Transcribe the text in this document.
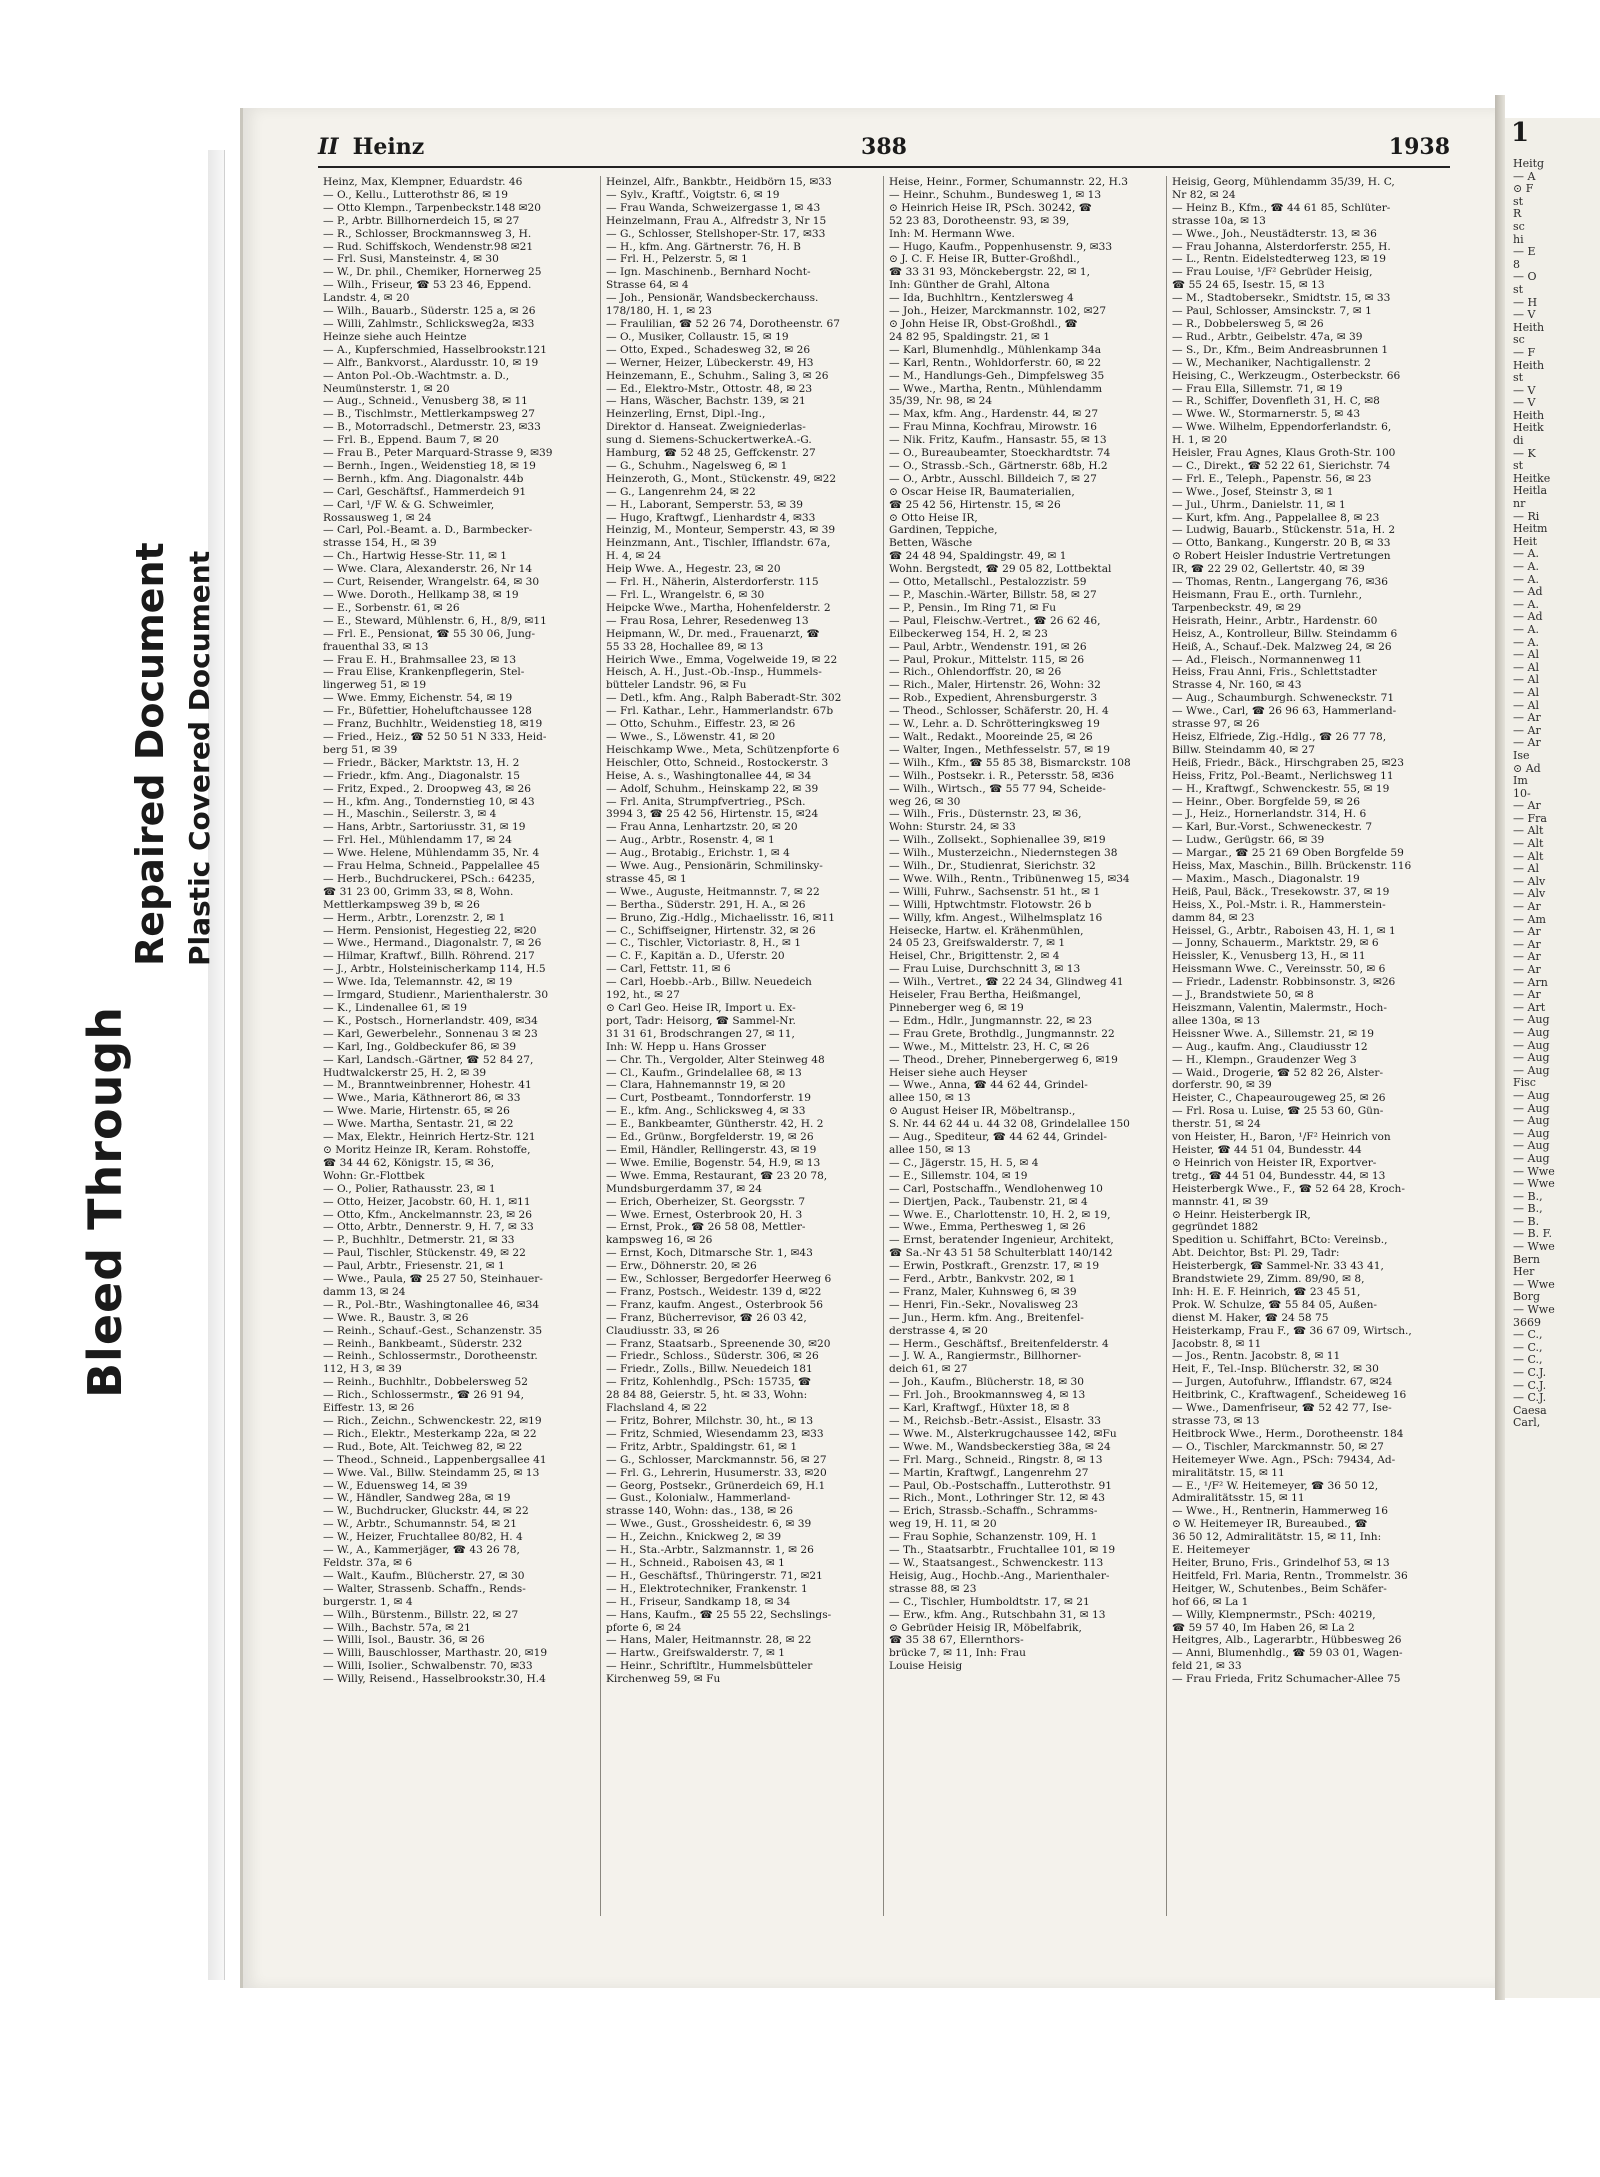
Bleed Through
Repaired Document Plastic Covered Document
1
Heitg
— A
⊙ F
st
R
sc
hi
— E
8
— O
st
— H
— V
Heith
sc
— F
Heith
st
— V
— V
Heith
Heitk
di
— K
st
Heitke
Heitla
nr
— Ri
Heitm
Heit
— A.
— A.
— A.
— Ad
— A.
— Ad
— A.
— A.
— Al
— Al
— Al
— Al
— Al
— Ar
— Ar
— Ar
Ise
⊙ Ad
Im
10-
— Ar
— Fra
— Alt
— Alt
— Alt
— Al
— Alv
— Alv
— Ar
— Am
— Ar
— Ar
— Ar
— Ar
— Arn
— Ar
— Art
— Aug
— Aug
— Aug
— Aug
— Aug
Fisc
— Aug
— Aug
— Aug
— Aug
— Aug
— Aug
— Wwe
— Wwe
— B.,
— B.,
— B.
— B. F.
— Wwe
Bern
Her
— Wwe
Borg
— Wwe
3669
— C.,
— C.,
— C.,
— C.J.
— C.J.
— C.J.
Caesa
Carl,
II Heinz	388	1938
Heinz, Max, Klempner, Eduardstr. 46
— O., Kellu., Lutterothstr 86, ✉ 19
— Otto Klempn., Tarpenbeckstr.148 ✉20
— P., Arbtr. Billhornerdeich 15, ✉ 27
— R., Schlosser, Brockmannsweg 3, H.
— Rud. Schiffskoch, Wendenstr.98 ✉21
— Frl. Susi, Mansteinstr. 4, ✉ 30
— W., Dr. phil., Chemiker, Hornerweg 25
— Wilh., Friseur, ☎ 53 23 46, Eppend.
Landstr. 4, ✉ 20
— Wilh., Bauarb., Süderstr. 125 a, ✉ 26
— Willi, Zahlmstr., Schlicksweg2a, ✉33
Heinze siehe auch Heintze
— A., Kupferschmied, Hasselbrookstr.121
— Alfr., Bankvorst., Alardusstr. 10, ✉ 19
— Anton Pol.-Ob.-Wachtmstr. a. D.,
Neumünsterstr. 1, ✉ 20
— Aug., Schneid., Venusberg 38, ✉ 11
— B., Tischlmstr., Mettlerkampsweg 27
— B., Motorradschl., Detmerstr. 23, ✉33
— Frl. B., Eppend. Baum 7, ✉ 20
— Frau B., Peter Marquard-Strasse 9, ✉39
— Bernh., Ingen., Weidenstieg 18, ✉ 19
— Bernh., kfm. Ang. Diagonalstr. 44b
— Carl, Geschäftsf., Hammerdeich 91
— Carl, ¹/F W. & G. Schweimler,
Rossausweg 1, ✉ 24
— Carl, Pol.-Beamt. a. D., Barmbecker-
strasse 154, H., ✉ 39
— Ch., Hartwig Hesse-Str. 11, ✉ 1
— Wwe. Clara, Alexanderstr. 26, Nr 14
— Curt, Reisender, Wrangelstr. 64, ✉ 30
— Wwe. Doroth., Hellkamp 38, ✉ 19
— E., Sorbenstr. 61, ✉ 26
— E., Steward, Mühlenstr. 6, H., 8/9, ✉11
— Frl. E., Pensionat, ☎ 55 30 06, Jung-
frauenthal 33, ✉ 13
— Frau E. H., Brahmsallee 23, ✉ 13
— Frau Elise, Krankenpflegerin, Stel-
lingerweg 51, ✉ 19
— Wwe. Emmy, Eichenstr. 54, ✉ 19
— Fr., Büfettier, Hoheluftchaussee 128
— Franz, Buchhltr., Weidenstieg 18, ✉19
— Fried., Heiz., ☎ 52 50 51 N 333, Heid-
berg 51, ✉ 39
— Friedr., Bäcker, Marktstr. 13, H. 2
— Friedr., kfm. Ang., Diagonalstr. 15
— Fritz, Exped., 2. Droopweg 43, ✉ 26
— H., kfm. Ang., Tondernstieg 10, ✉ 43
— H., Maschin., Seilerstr. 3, ✉ 4
— Hans, Arbtr., Sartoriusstr. 31, ✉ 19
— Frl. Hel., Mühlendamm 17, ✉ 24
— Wwe. Helene, Mühlendamm 35, Nr. 4
— Frau Helma, Schneid., Pappelallee 45
— Herb., Buchdruckerei, PSch.: 64235,
☎ 31 23 00, Grimm 33, ✉ 8, Wohn.
Mettlerkampsweg 39 b, ✉ 26
— Herm., Arbtr., Lorenzstr. 2, ✉ 1
— Herm. Pensionist, Hegestieg 22, ✉20
— Wwe., Hermand., Diagonalstr. 7, ✉ 26
— Hilmar, Kraftwf., Billh. Röhrend. 217
— J., Arbtr., Holsteinischerkamp 114, H.5
— Wwe. Ida, Telemannstr. 42, ✉ 19
— Irmgard, Studienr., Marienthalerstr. 30
— K., Lindenallee 61, ✉ 19
— K., Postsch., Hornerlandstr. 409, ✉34
— Karl, Gewerbelehr., Sonnenau 3 ✉ 23
— Karl, Ing., Goldbeckufer 86, ✉ 39
— Karl, Landsch.-Gärtner, ☎ 52 84 27,
Hudtwalckerstr 25, H. 2, ✉ 39
— M., Branntweinbrenner, Hohestr. 41
— Wwe., Maria, Käthnerort 86, ✉ 33
— Wwe. Marie, Hirtenstr. 65, ✉ 26
— Wwe. Martha, Sentastr. 21, ✉ 22
— Max, Elektr., Heinrich Hertz-Str. 121
⊙ Moritz Heinze IR, Keram. Rohstoffe,
☎ 34 44 62, Königstr. 15, ✉ 36,
Wohn: Gr.-Flottbek
— O., Polier, Rathausstr. 23, ✉ 1
— Otto, Heizer, Jacobstr. 60, H. 1, ✉11
— Otto, Kfm., Anckelmannstr. 23, ✉ 26
— Otto, Arbtr., Dennerstr. 9, H. 7, ✉ 33
— P., Buchhltr., Detmerstr. 21, ✉ 33
— Paul, Tischler, Stückenstr. 49, ✉ 22
— Paul, Arbtr., Friesenstr. 21, ✉ 1
— Wwe., Paula, ☎ 25 27 50, Steinhauer-
damm 13, ✉ 24
— R., Pol.-Btr., Washingtonallee 46, ✉34
— Wwe. R., Baustr. 3, ✉ 26
— Reinh., Schauf.-Gest., Schanzenstr. 35
— Reinh., Bankbeamt., Süderstr. 232
— Reinh., Schlossermstr., Dorotheenstr.
112, H 3, ✉ 39
— Reinh., Buchhltr., Dobbelersweg 52
— Rich., Schlossermstr., ☎ 26 91 94,
Eiffestr. 13, ✉ 26
— Rich., Zeichn., Schwenckestr. 22, ✉19
— Rich., Elektr., Mesterkamp 22a, ✉ 22
— Rud., Bote, Alt. Teichweg 82, ✉ 22
— Theod., Schneid., Lappenbergsallee 41
— Wwe. Val., Billw. Steindamm 25, ✉ 13
— W., Eduensweg 14, ✉ 39
— W., Händler, Sandweg 28a, ✉ 19
— W., Buchdrucker, Gluckstr. 44, ✉ 22
— W., Arbtr., Schumannstr. 54, ✉ 21
— W., Heizer, Fruchtallee 80/82, H. 4
— W., A., Kammerjäger, ☎ 43 26 78,
Feldstr. 37a, ✉ 6
— Walt., Kaufm., Blücherstr. 27, ✉ 30
— Walter, Strassenb. Schaffn., Rends-
burgerstr. 1, ✉ 4
— Wilh., Bürstenm., Billstr. 22, ✉ 27
— Wilh., Bachstr. 57a, ✉ 21
— Willi, Isol., Baustr. 36, ✉ 26
— Willi, Bauschlosser, Marthastr. 20, ✉19
— Willi, Isolier., Schwalbenstr. 70, ✉33
— Willy, Reisend., Hasselbrookstr.30, H.4
Heinzel, Alfr., Bankbtr., Heidbörn 15, ✉33
— Sylv., Kraftf., Voigtstr. 6, ✉ 19
— Frau Wanda, Schweizergasse 1, ✉ 43
Heinzelmann, Frau A., Alfredstr 3, Nr 15
— G., Schlosser, Stellshoper-Str. 17, ✉33
— H., kfm. Ang. Gärtnerstr. 76, H. B
— Frl. H., Pelzerstr. 5, ✉ 1
— Ign. Maschinenb., Bernhard Nocht-
Strasse 64, ✉ 4
— Joh., Pensionär, Wandsbeckerchauss.
178/180, H. 1, ✉ 23
— Fraulilian, ☎ 52 26 74, Dorotheenstr. 67
— O., Musiker, Collaustr. 15, ✉ 19
— Otto, Exped., Schadesweg 32, ✉ 26
— Werner, Heizer, Lübeckerstr. 49, H3
Heinzemann, E., Schuhm., Saling 3, ✉ 26
— Ed., Elektro-Mstr., Ottostr. 48, ✉ 23
— Hans, Wäscher, Bachstr. 139, ✉ 21
Heinzerling, Ernst, Dipl.-Ing.,
Direktor d. Hanseat. Zweigniederlas-
sung d. Siemens-SchuckertwerkeA.-G.
Hamburg, ☎ 52 48 25, Geffckenstr. 27
— G., Schuhm., Nagelsweg 6, ✉ 1
Heinzeroth, G., Mont., Stückenstr. 49, ✉22
— G., Langenrehm 24, ✉ 22
— H., Laborant, Semperstr. 53, ✉ 39
— Hugo, Kraftwgf., Lienhardstr 4, ✉33
Heinzig, M., Monteur, Semperstr. 43, ✉ 39
Heinzmann, Ant., Tischler, Ifflandstr. 67a,
H. 4, ✉ 24
Heip Wwe. A., Hegestr. 23, ✉ 20
— Frl. H., Näherin, Alsterdorferstr. 115
— Frl. L., Wrangelstr. 6, ✉ 30
Heipcke Wwe., Martha, Hohenfelderstr. 2
— Frau Rosa, Lehrer, Resedenweg 13
Heipmann, W., Dr. med., Frauenarzt, ☎
55 33 28, Hochallee 89, ✉ 13
Heirich Wwe., Emma, Vogelweide 19, ✉ 22
Heisch, A. H., Just.-Ob.-Insp., Hummels-
bütteler Landstr. 96, ✉ Fu
— Detl., kfm. Ang., Ralph Baberadt-Str. 302
— Frl. Kathar., Lehr., Hammerlandstr. 67b
— Otto, Schuhm., Eiffestr. 23, ✉ 26
— Wwe., S., Löwenstr. 41, ✉ 20
Heischkamp Wwe., Meta, Schützenpforte 6
Heischler, Otto, Schneid., Rostockerstr. 3
Heise, A. s., Washingtonallee 44, ✉ 34
— Adolf, Schuhm., Heinskamp 22, ✉ 39
— Frl. Anita, Strumpfvertrieg., PSch.
3994 3, ☎ 25 42 56, Hirtenstr. 15, ✉24
— Frau Anna, Lenhartzstr. 20, ✉ 20
— Aug., Arbtr., Rosenstr. 4, ✉ 1
— Aug., Brotabig., Erichstr. 1, ✉ 4
— Wwe. Aug., Pensionärin, Schmilinsky-
strasse 45, ✉ 1
— Wwe., Auguste, Heitmannstr. 7, ✉ 22
— Bertha., Süderstr. 291, H. A., ✉ 26
— Bruno, Zig.-Hdlg., Michaelisstr. 16, ✉11
— C., Schiffseigner, Hirtenstr. 32, ✉ 26
— C., Tischler, Victoriastr. 8, H., ✉ 1
— C. F., Kapitän a. D., Uferstr. 20
— Carl, Fettstr. 11, ✉ 6
— Carl, Hoebb.-Arb., Billw. Neuedeich
192, ht., ✉ 27
⊙ Carl Geo. Heise IR, Import u. Ex-
port, Tadr: Heisorg, ☎ Sammel-Nr.
31 31 61, Brodschrangen 27, ✉ 11,
Inh: W. Hepp u. Hans Grosser
— Chr. Th., Vergolder, Alter Steinweg 48
— Cl., Kaufm., Grindelallee 68, ✉ 13
— Clara, Hahnemannstr 19, ✉ 20
— Curt, Postbeamt., Tonndorferstr. 19
— E., kfm. Ang., Schlicksweg 4, ✉ 33
— E., Bankbeamter, Güntherstr. 42, H. 2
— Ed., Grünw., Borgfelderstr. 19, ✉ 26
— Emil, Händler, Rellingerstr. 43, ✉ 19
— Wwe. Emilie, Bogenstr. 54, H.9, ✉ 13
— Wwe. Emma, Restaurant, ☎ 23 20 78,
Mundsburgerdamm 37, ✉ 24
— Erich, Oberheizer, St. Georgsstr. 7
— Wwe. Ernest, Osterbrook 20, H. 3
— Ernst, Prok., ☎ 26 58 08, Mettler-
kampsweg 16, ✉ 26
— Ernst, Koch, Ditmarsche Str. 1, ✉43
— Erw., Döhnerstr. 20, ✉ 26
— Ew., Schlosser, Bergedorfer Heerweg 6
— Franz, Postsch., Weidestr. 139 d, ✉22
— Franz, kaufm. Angest., Osterbrook 56
— Franz, Bücherrevisor, ☎ 26 03 42,
Claudiusstr. 33, ✉ 26
— Franz, Staatsarb., Spreenende 30, ✉20
— Friedr., Schloss., Süderstr. 306, ✉ 26
— Friedr., Zolls., Billw. Neuedeich 181
— Fritz, Kohlenhdlg., PSch: 15735, ☎
28 84 88, Geierstr. 5, ht. ✉ 33, Wohn:
Flachsland 4, ✉ 22
— Fritz, Bohrer, Milchstr. 30, ht., ✉ 13
— Fritz, Schmied, Wiesendamm 23, ✉33
— Fritz, Arbtr., Spaldingstr. 61, ✉ 1
— G., Schlosser, Marckmannstr. 56, ✉ 27
— Frl. G., Lehrerin, Husumerstr. 33, ✉20
— Georg, Postsekr., Grünerdeich 69, H.1
— Gust., Kolonialw., Hammerland-
strasse 140, Wohn: das., 138, ✉ 26
— Wwe., Gust., Grossheidestr. 6, ✉ 39
— H., Zeichn., Knickweg 2, ✉ 39
— H., Sta.-Arbtr., Salzmannstr. 1, ✉ 26
— H., Schneid., Raboisen 43, ✉ 1
— H., Geschäftsf., Thüringerstr. 71, ✉21
— H., Elektrotechniker, Frankenstr. 1
— H., Friseur, Sandkamp 18, ✉ 34
— Hans, Kaufm., ☎ 25 55 22, Sechslings-
pforte 6, ✉ 24
— Hans, Maler, Heitmannstr. 28, ✉ 22
— Hartw., Greifswalderstr. 7, ✉ 1
— Heinr., Schriftltr., Hummelsbütteler
Kirchenweg 59, ✉ Fu
Heise, Heinr., Former, Schumannstr. 22, H.3
— Heinr., Schuhm., Bundesweg 1, ✉ 13
⊙ Heinrich Heise IR, PSch. 30242, ☎
52 23 83, Dorotheenstr. 93, ✉ 39,
Inh: M. Hermann Wwe.
— Hugo, Kaufm., Poppenhusenstr. 9, ✉33
⊙ J. C. F. Heise IR, Butter-Großhdl.,
☎ 33 31 93, Mönckebergstr. 22, ✉ 1,
Inh: Günther de Grahl, Altona
— Ida, Buchhltrn., Kentzlersweg 4
— Joh., Heizer, Marckmannstr. 102, ✉27
⊙ John Heise IR, Obst-Großhdl., ☎
24 82 95, Spaldingstr. 21, ✉ 1
— Karl, Blumenhdlg., Mühlenkamp 34a
— Karl, Rentn., Wohldorferstr. 60, ✉ 22
— M., Handlungs-Geh., Dimpfelsweg 35
— Wwe., Martha, Rentn., Mühlendamm
35/39, Nr. 98, ✉ 24
— Max, kfm. Ang., Hardenstr. 44, ✉ 27
— Frau Minna, Kochfrau, Mirowstr. 16
— Nik. Fritz, Kaufm., Hansastr. 55, ✉ 13
— O., Bureaubeamter, Stoeckhardtstr. 74
— O., Strassb.-Sch., Gärtnerstr. 68b, H.2
— O., Arbtr., Ausschl. Billdeich 7, ✉ 27
⊙ Oscar Heise IR, Baumaterialien,
☎ 25 42 56, Hirtenstr. 15, ✉ 26
⊙ Otto Heise IR,
Gardinen, Teppiche,
Betten, Wäsche
☎ 24 48 94, Spaldingstr. 49, ✉ 1
Wohn. Bergstedt, ☎ 29 05 82, Lottbektal
— Otto, Metallschl., Pestalozzistr. 59
— P., Maschin.-Wärter, Billstr. 58, ✉ 27
— P., Pensin., Im Ring 71, ✉ Fu
— Paul, Fleischw.-Vertret., ☎ 26 62 46,
Eilbeckerweg 154, H. 2, ✉ 23
— Paul, Arbtr., Wendenstr. 191, ✉ 26
— Paul, Prokur., Mittelstr. 115, ✉ 26
— Rich., Ohlendorffstr. 20, ✉ 26
— Rich., Maler, Hirtenstr. 26, Wohn: 32
— Rob., Expedient, Ahrensburgerstr. 3
— Theod., Schlosser, Schäferstr. 20, H. 4
— W., Lehr. a. D. Schrötteringksweg 19
— Walt., Redakt., Mooreinde 25, ✉ 26
— Walter, Ingen., Methfesselstr. 57, ✉ 19
— Wilh., Kfm., ☎ 55 85 38, Bismarckstr. 108
— Wilh., Postsekr. i. R., Petersstr. 58, ✉36
— Wilh., Wirtsch., ☎ 55 77 94, Scheide-
weg 26, ✉ 30
— Wilh., Fris., Düsternstr. 23, ✉ 36,
Wohn: Sturstr. 24, ✉ 33
— Wilh., Zollsekt., Sophienallee 39, ✉19
— Wilh., Musterzeichn., Niedernstegen 38
— Wilh., Dr., Studienrat, Sierichstr. 32
— Wwe. Wilh., Rentn., Tribünenweg 15, ✉34
— Willi, Fuhrw., Sachsenstr. 51 ht., ✉ 1
— Willi, Hptwchtmstr. Flotowstr. 26 b
— Willy, kfm. Angest., Wilhelmsplatz 16
Heisecke, Hartw. el. Krähenmühlen,
24 05 23, Greifswalderstr. 7, ✉ 1
Heisel, Chr., Brigittenstr. 2, ✉ 4
— Frau Luise, Durchschnitt 3, ✉ 13
— Wilh., Vertret., ☎ 22 24 34, Glindweg 41
Heiseler, Frau Bertha, Heißmangel,
Pinneberger weg 6, ✉ 19
— Edm., Hdlr., Jungmannstr. 22, ✉ 23
— Frau Grete, Brothdlg., Jungmannstr. 22
— Wwe., M., Mittelstr. 23, H. C, ✉ 26
— Theod., Dreher, Pinnebergerweg 6, ✉19
Heiser siehe auch Heyser
— Wwe., Anna, ☎ 44 62 44, Grindel-
allee 150, ✉ 13
⊙ August Heiser IR, Möbeltransp.,
S. Nr. 44 62 44 u. 44 32 08, Grindelallee 150
— Aug., Spediteur, ☎ 44 62 44, Grindel-
allee 150, ✉ 13
— C., Jägerstr. 15, H. 5, ✉ 4
— E., Sillemstr. 104, ✉ 19
— Carl, Postschaffn., Wendlohenweg 10
— Diertjen, Pack., Taubenstr. 21, ✉ 4
— Wwe. E., Charlottenstr. 10, H. 2, ✉ 19,
— Wwe., Emma, Perthesweg 1, ✉ 26
— Ernst, beratender Ingenieur, Architekt,
☎ Sa.-Nr 43 51 58 Schulterblatt 140/142
— Erwin, Postkraft., Grenzstr. 17, ✉ 19
— Ferd., Arbtr., Bankvstr. 202, ✉ 1
— Franz, Maler, Kuhnsweg 6, ✉ 39
— Henri, Fin.-Sekr., Novalisweg 23
— Jun., Herm. kfm. Ang., Breitenfel-
derstrasse 4, ✉ 20
— Herm., Geschäftsf., Breitenfelderstr. 4
— J. W. A., Rangiermstr., Billhorner-
deich 61, ✉ 27
— Joh., Kaufm., Blücherstr. 18, ✉ 30
— Frl. Joh., Brookmannsweg 4, ✉ 13
— Karl, Kraftwgf., Hüxter 18, ✉ 8
— M., Reichsb.-Betr.-Assist., Elsastr. 33
— Wwe. M., Alsterkrugchaussee 142, ✉Fu
— Wwe. M., Wandsbeckerstieg 38a, ✉ 24
— Frl. Marg., Schneid., Ringstr. 8, ✉ 13
— Martin, Kraftwgf., Langenrehm 27
— Paul, Ob.-Postschaffn., Lutterothstr. 91
— Rich., Mont., Lothringer Str. 12, ✉ 43
— Erich, Strassb.-Schaffn., Schramms-
weg 19, H. 11, ✉ 20
— Frau Sophie, Schanzenstr. 109, H. 1
— Th., Staatsarbtr., Fruchtallee 101, ✉ 19
— W., Staatsangest., Schwenckestr. 113
Heisig, Aug., Hochb.-Ang., Marienthaler-
strasse 88, ✉ 23
— C., Tischler, Humboldtstr. 17, ✉ 21
— Erw., kfm. Ang., Rutschbahn 31, ✉ 13
⊙ Gebrüder Heisig IR, Möbelfabrik,
☎ 35 38 67, Ellernthors-
brücke 7, ✉ 11, Inh: Frau
Louise Heisig
Heisig, Georg, Mühlendamm 35/39, H. C,
Nr 82, ✉ 24
— Heinz B., Kfm., ☎ 44 61 85, Schlüter-
strasse 10a, ✉ 13
— Wwe., Joh., Neustädterstr. 13, ✉ 36
— Frau Johanna, Alsterdorferstr. 255, H.
— L., Rentn. Eidelstedterweg 123, ✉ 19
— Frau Louise, ¹/F² Gebrüder Heisig,
☎ 55 24 65, Isestr. 15, ✉ 13
— M., Stadtobersekr., Smidtstr. 15, ✉ 33
— Paul, Schlosser, Amsinckstr. 7, ✉ 1
— R., Dobbelersweg 5, ✉ 26
— Rud., Arbtr., Geibelstr. 47a, ✉ 39
— S., Dr., Kfm., Beim Andreasbrunnen 1
— W., Mechaniker, Nachtigallenstr. 2
Heising, C., Werkzeugm., Osterbeckstr. 66
— Frau Ella, Sillemstr. 71, ✉ 19
— R., Schiffer, Dovenfleth 31, H. C, ✉8
— Wwe. W., Stormarnerstr. 5, ✉ 43
— Wwe. Wilhelm, Eppendorferlandstr. 6,
H. 1, ✉ 20
Heisler, Frau Agnes, Klaus Groth-Str. 100
— C., Direkt., ☎ 52 22 61, Sierichstr. 74
— Frl. E., Teleph., Papenstr. 56, ✉ 23
— Wwe., Josef, Steinstr 3, ✉ 1
— Jul., Uhrm., Danielstr. 11, ✉ 1
— Kurt, kfm. Ang., Pappelallee 8, ✉ 23
— Ludwig, Bauarb., Stückenstr. 51a, H. 2
— Otto, Bankang., Kungerstr. 20 B, ✉ 33
⊙ Robert Heisler Industrie Vertretungen
IR, ☎ 22 29 02, Gellertstr. 40, ✉ 39
— Thomas, Rentn., Langergang 76, ✉36
Heismann, Frau E., orth. Turnlehr.,
Tarpenbeckstr. 49, ✉ 29
Heisrath, Heinr., Arbtr., Hardenstr. 60
Heisz, A., Kontrolleur, Billw. Steindamm 6
Heiß, A., Schauf.-Dek. Malzweg 24, ✉ 26
— Ad., Fleisch., Normannenweg 11
Heiss, Frau Anni, Fris., Schlettstadter
Strasse 4, Nr. 160, ✉ 43
— Aug., Schaumburgh. Schweneckstr. 71
— Wwe., Carl, ☎ 26 96 63, Hammerland-
strasse 97, ✉ 26
Heisz, Elfriede, Zig.-Hdlg., ☎ 26 77 78,
Billw. Steindamm 40, ✉ 27
Heiß, Friedr., Bäck., Hirschgraben 25, ✉23
Heiss, Fritz, Pol.-Beamt., Nerlichsweg 11
— H., Kraftwgf., Schwenckestr. 55, ✉ 19
— Heinr., Ober. Borgfelde 59, ✉ 26
— J., Heiz., Hornerlandstr. 314, H. 6
— Karl, Bur.-Vorst., Schweneckestr. 7
— Ludw., Gerügstr. 66, ✉ 39
— Margar., ☎ 25 21 69 Oben Borgfelde 59
Heiss, Max, Maschin., Billh. Brückenstr. 116
— Maxim., Masch., Diagonalstr. 19
Heiß, Paul, Bäck., Tresekowstr. 37, ✉ 19
Heiss, X., Pol.-Mstr. i. R., Hammerstein-
damm 84, ✉ 23
Heissel, G., Arbtr., Raboisen 43, H. 1, ✉ 1
— Jonny, Schauerm., Marktstr. 29, ✉ 6
Heissler, K., Venusberg 13, H., ✉ 11
Heissmann Wwe. C., Vereinsstr. 50, ✉ 6
— Friedr., Ladenstr. Robbinsonstr. 3, ✉26
— J., Brandstwiete 50, ✉ 8
Heiszmann, Valentin, Malermstr., Hoch-
allee 130a, ✉ 13
Heissner Wwe. A., Sillemstr. 21, ✉ 19
— Aug., kaufm. Ang., Claudiusstr 12
— H., Klempn., Graudenzer Weg 3
— Waid., Drogerie, ☎ 52 82 26, Alster-
dorferstr. 90, ✉ 39
Heister, C., Chapeaurougeweg 25, ✉ 26
— Frl. Rosa u. Luise, ☎ 25 53 60, Gün-
therstr. 51, ✉ 24
von Heister, H., Baron, ¹/F² Heinrich von
Heister, ☎ 44 51 04, Bundesstr. 44
⊙ Heinrich von Heister IR, Exportver-
tretg., ☎ 44 51 04, Bundesstr. 44, ✉ 13
Heisterbergk Wwe., F., ☎ 52 64 28, Kroch-
mannstr. 41, ✉ 39
⊙ Heinr. Heisterbergk IR,
gegründet 1882
Spedition u. Schiffahrt, BCto: Vereinsb.,
Abt. Deichtor, Bst: Pl. 29, Tadr:
Heisterbergk, ☎ Sammel-Nr. 33 43 41,
Brandstwiete 29, Zimm. 89/90, ✉ 8,
Inh: H. E. F. Heinrich, ☎ 23 45 51,
Prok. W. Schulze, ☎ 55 84 05, Außen-
dienst M. Haker, ☎ 24 58 75
Heisterkamp, Frau F., ☎ 36 67 09, Wirtsch.,
Jacobstr. 8, ✉ 11
— Jos., Rentn. Jacobstr. 8, ✉ 11
Heit, F., Tel.-Insp. Blücherstr. 32, ✉ 30
— Jurgen, Autofuhrw., Ifflandstr. 67, ✉24
Heitbrink, C., Kraftwagenf., Scheideweg 16
— Wwe., Damenfriseur, ☎ 52 42 77, Ise-
strasse 73, ✉ 13
Heitbrock Wwe., Herm., Dorotheenstr. 184
— O., Tischler, Marckmannstr. 50, ✉ 27
Heitemeyer Wwe. Agn., PSch: 79434, Ad-
miralitätstr. 15, ✉ 11
— E., ¹/F² W. Heitemeyer, ☎ 36 50 12,
Admiralitätsstr. 15, ✉ 11
— Wwe., H., Rentnerin, Hammerweg 16
⊙ W. Heitemeyer IR, Bureaubed., ☎
36 50 12, Admiralitätstr. 15, ✉ 11, Inh:
E. Heitemeyer
Heiter, Bruno, Fris., Grindelhof 53, ✉ 13
Heitfeld, Frl. Maria, Rentn., Trommelstr. 36
Heitger, W., Schutenbes., Beim Schäfer-
hof 66, ✉ La 1
— Willy, Klempnermstr., PSch: 40219,
☎ 59 57 40, Im Haben 26, ✉ La 2
Heitgres, Alb., Lagerarbtr., Hübbesweg 26
— Anni, Blumenhdlg., ☎ 59 03 01, Wagen-
feld 21, ✉ 33
— Frau Frieda, Fritz Schumacher-Allee 75
